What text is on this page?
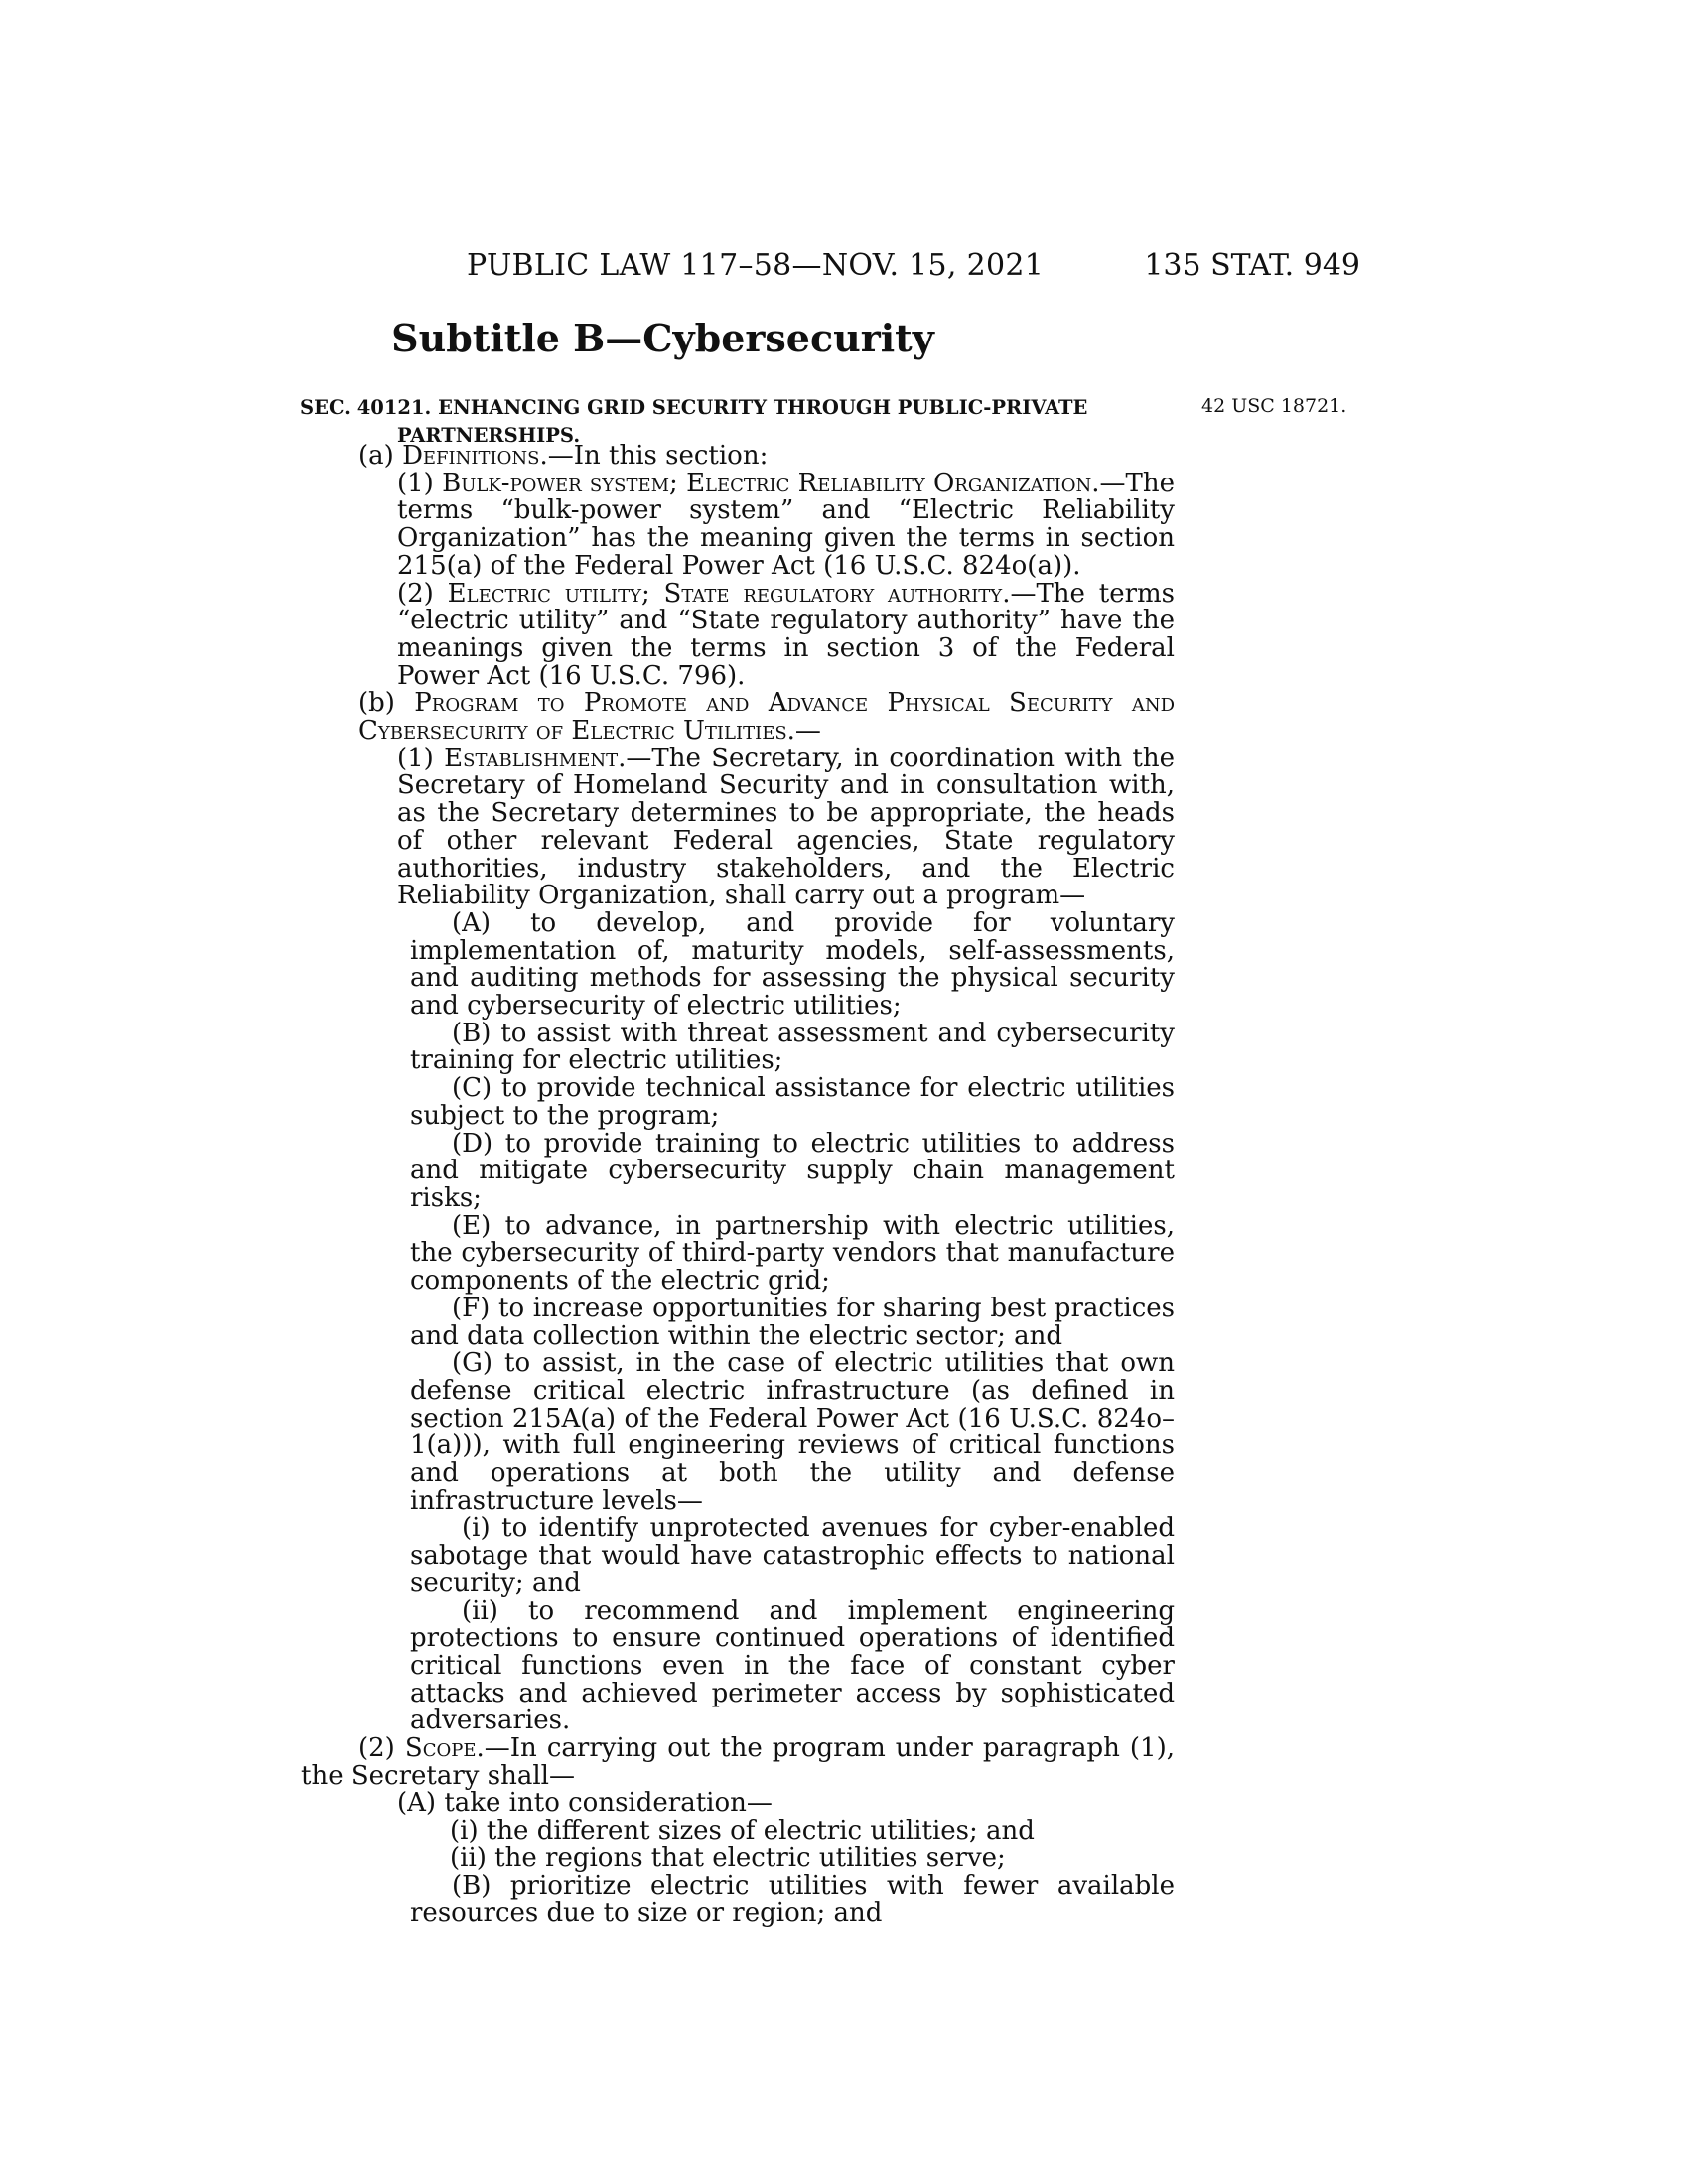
PUBLIC LAW 117–58—NOV. 15, 2021	135 STAT. 949
Subtitle B—Cybersecurity
SEC. 40121. ENHANCING GRID SECURITY THROUGH PUBLIC-PRIVATE
PARTNERSHIPS.
42 USC 18721.

(a) Definitions.—In this section:

(1) Bulk-power system; Electric Reliability Organization.—The terms “bulk-power system” and “Electric Reliability Organization” has the meaning given the terms in section 215(a) of the Federal Power Act (16 U.S.C. 824o(a)).

(2) Electric utility; State regulatory authority.—The terms “electric utility” and “State regulatory authority” have the meanings given the terms in section 3 of the Federal Power Act (16 U.S.C. 796).

(b) Program to Promote and Advance Physical Security and Cybersecurity of Electric Utilities.—

(1) Establishment.—The Secretary, in coordination with the Secretary of Homeland Security and in consultation with, as the Secretary determines to be appropriate, the heads of other relevant Federal agencies, State regulatory authorities, industry stakeholders, and the Electric Reliability Organization, shall carry out a program—

(A) to develop, and provide for voluntary implementation of, maturity models, self-assessments, and auditing methods for assessing the physical security and cybersecurity of electric utilities;

(B) to assist with threat assessment and cybersecurity training for electric utilities;

(C) to provide technical assistance for electric utilities subject to the program;

(D) to provide training to electric utilities to address and mitigate cybersecurity supply chain management risks;

(E) to advance, in partnership with electric utilities, the cybersecurity of third-party vendors that manufacture components of the electric grid;

(F) to increase opportunities for sharing best practices and data collection within the electric sector; and

(G) to assist, in the case of electric utilities that own defense critical electric infrastructure (as defined in section 215A(a) of the Federal Power Act (16 U.S.C. 824o–1(a))), with full engineering reviews of critical functions and operations at both the utility and defense infrastructure levels—

(i) to identify unprotected avenues for cyber-enabled sabotage that would have catastrophic effects to national security; and

(ii) to recommend and implement engineering protections to ensure continued operations of identified critical functions even in the face of constant cyber attacks and achieved perimeter access by sophisticated adversaries.

(2) Scope.—In carrying out the program under paragraph (1), the Secretary shall—

(A) take into consideration—

(i) the different sizes of electric utilities; and

(ii) the regions that electric utilities serve;

(B) prioritize electric utilities with fewer available resources due to size or region; and
